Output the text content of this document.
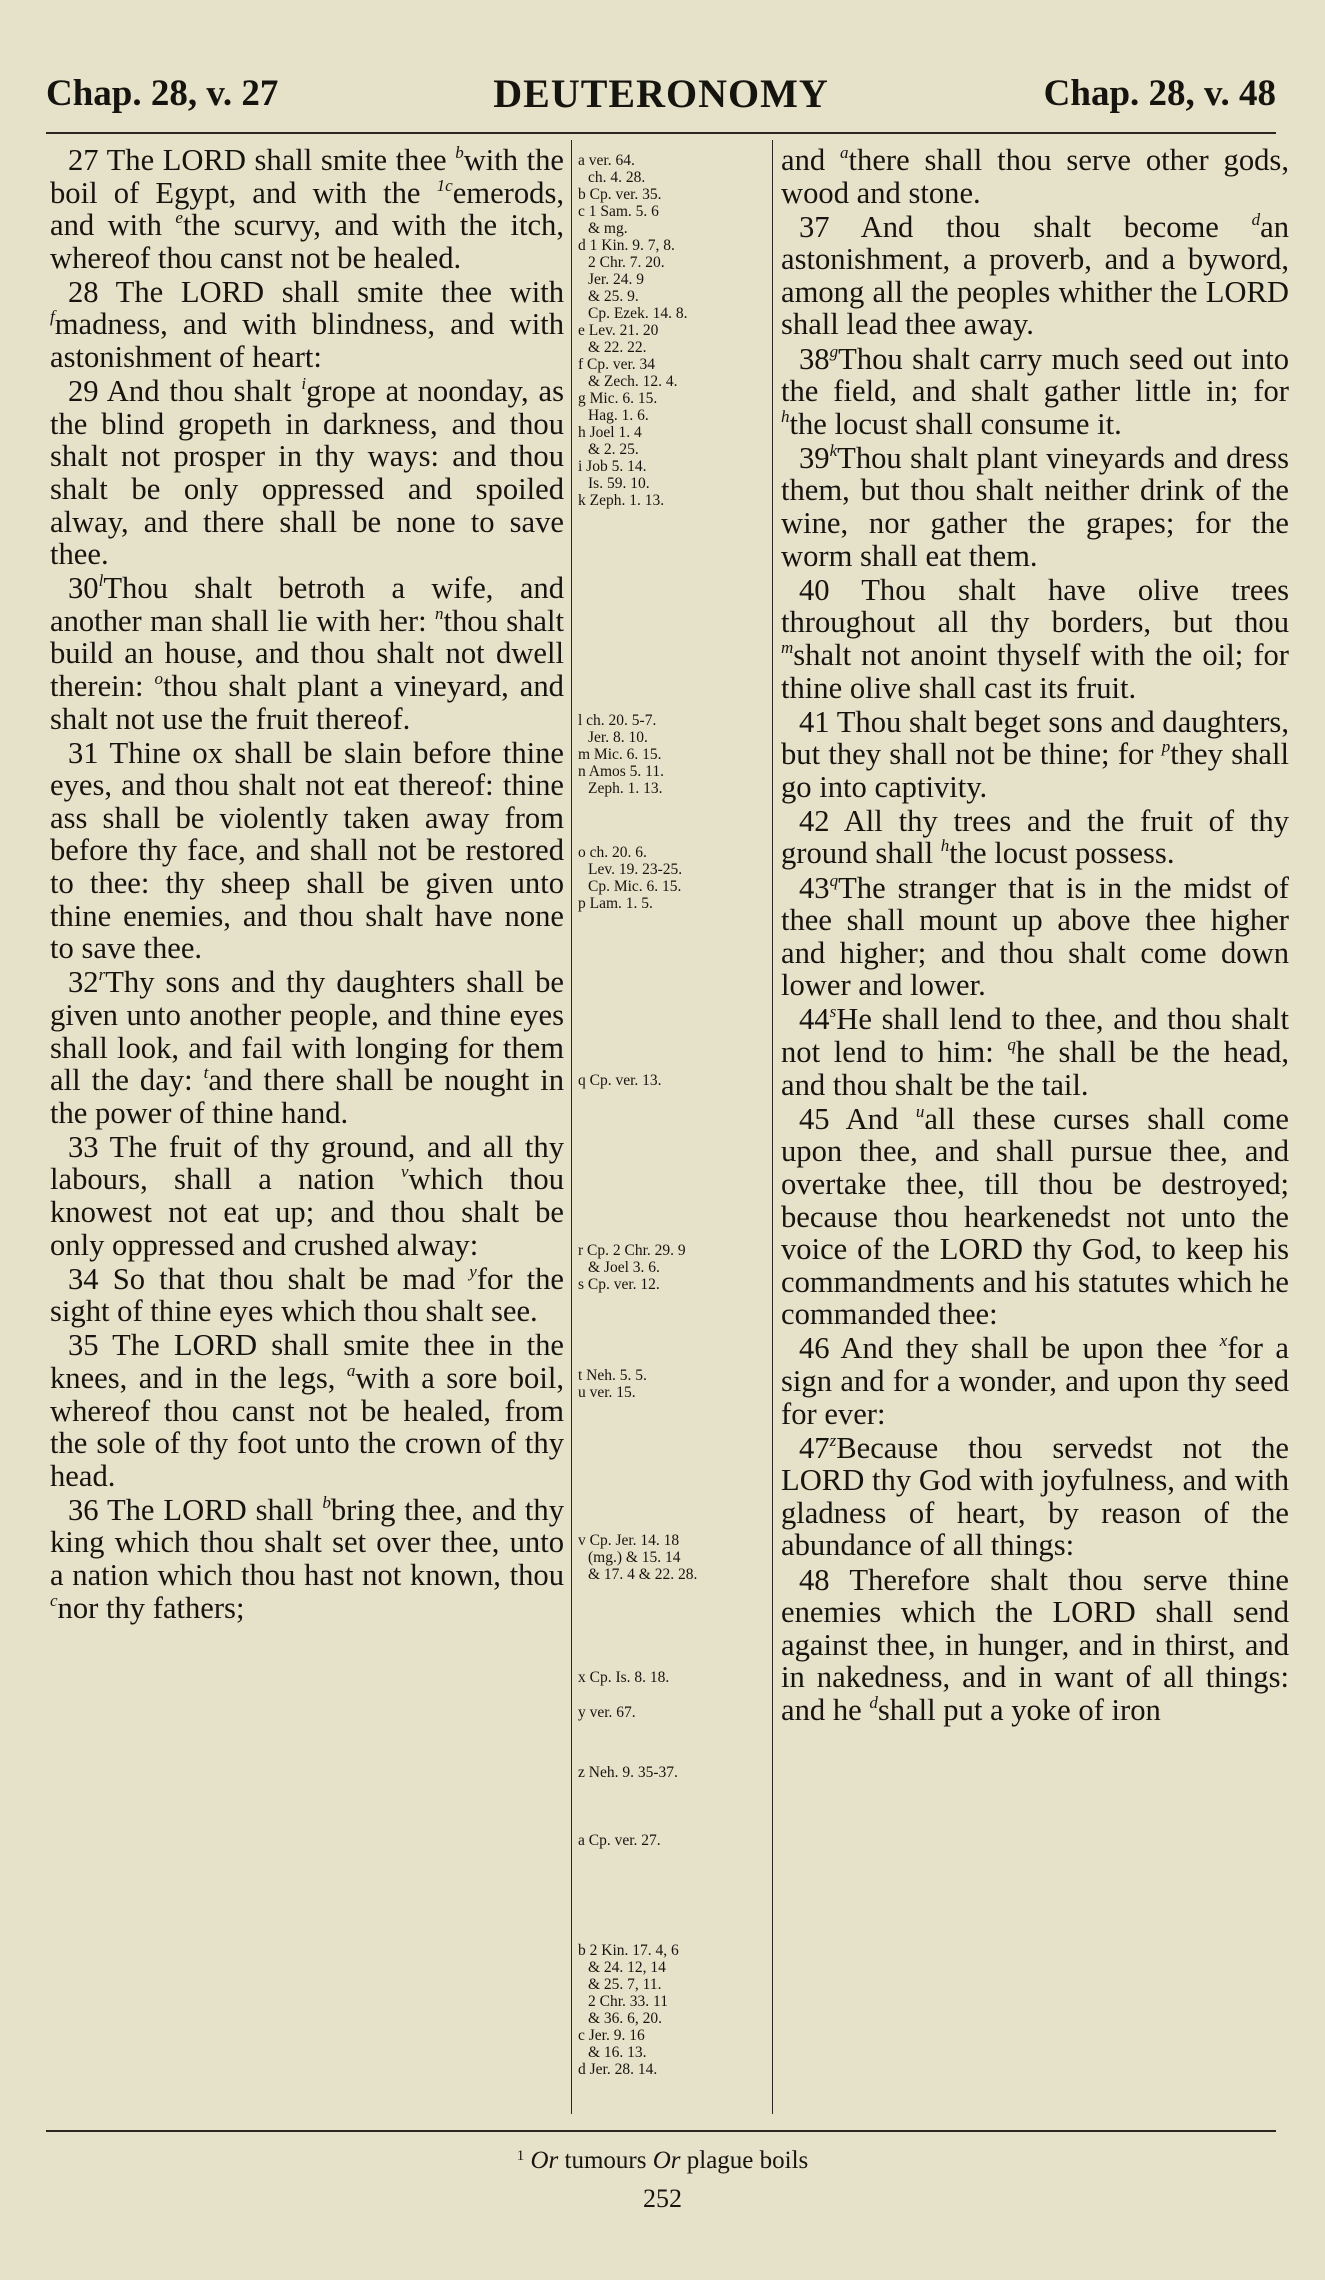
Chap. 28, v. 27	DEUTERONOMY	Chap. 28, v. 48

27 The LORD shall smite thee $^b$with the boil of Egypt, and with the $^{1c}$emerods, and with $^e$the scurvy, and with the itch, whereof thou canst not be healed.

28 The LORD shall smite thee with $^f$madness, and with blindness, and with astonishment of heart:

29 And thou shalt $^i$grope at noonday, as the blind gropeth in darkness, and thou shalt not prosper in thy ways: and thou shalt be only oppressed and spoiled alway, and there shall be none to save thee.

30$^l$Thou shalt betroth a wife, and another man shall lie with her: $^n$thou shalt build an house, and thou shalt not dwell therein: $^o$thou shalt plant a vineyard, and shalt not use the fruit thereof.

31 Thine ox shall be slain before thine eyes, and thou shalt not eat thereof: thine ass shall be violently taken away from before thy face, and shall not be restored to thee: thy sheep shall be given unto thine enemies, and thou shalt have none to save thee.

32$^r$Thy sons and thy daughters shall be given unto another people, and thine eyes shall look, and fail with longing for them all the day: $^t$and there shall be nought in the power of thine hand.

33 The fruit of thy ground, and all thy labours, shall a nation $^v$which thou knowest not eat up; and thou shalt be only oppressed and crushed alway:

34 So that thou shalt be mad $^y$for the sight of thine eyes which thou shalt see.

35 The LORD shall smite thee in the knees, and in the legs, $^a$with a sore boil, whereof thou canst not be healed, from the sole of thy foot unto the crown of thy head.

36 The LORD shall $^b$bring thee, and thy king which thou shalt set over thee, unto a nation which thou hast not known, thou $^c$nor thy fathers;

a ver. 64.
ch. 4. 28.
b Cp. ver. 35.
c 1 Sam. 5. 6
& mg.
d 1 Kin. 9. 7, 8.
2 Chr. 7. 20.
Jer. 24. 9
& 25. 9.
Cp. Ezek. 14. 8.
e Lev. 21. 20
& 22. 22.
f Cp. ver. 34
& Zech. 12. 4.
g Mic. 6. 15.
Hag. 1. 6.
h Joel 1. 4
& 2. 25.
i Job 5. 14.
Is. 59. 10.
k Zeph. 1. 13.
l ch. 20. 5-7.
Jer. 8. 10.
m Mic. 6. 15.
n Amos 5. 11.
Zeph. 1. 13.
o ch. 20. 6.
Lev. 19. 23-25.
Cp. Mic. 6. 15.
p Lam. 1. 5.
q Cp. ver. 13.
r Cp. 2 Chr. 29. 9
& Joel 3. 6.
s Cp. ver. 12.
t Neh. 5. 5.
u ver. 15.
v Cp. Jer. 14. 18
(mg.) & 15. 14
& 17. 4 & 22. 28.
x Cp. Is. 8. 18.
y ver. 67.
z Neh. 9. 35-37.
a Cp. ver. 27.
b 2 Kin. 17. 4, 6
& 24. 12, 14
& 25. 7, 11.
2 Chr. 33. 11
& 36. 6, 20.
c Jer. 9. 16
& 16. 13.
d Jer. 28. 14.

and $^a$there shall thou serve other gods, wood and stone.

37 And thou shalt become $^d$an astonishment, a proverb, and a byword, among all the peoples whither the LORD shall lead thee away.

38$^g$Thou shalt carry much seed out into the field, and shalt gather little in; for $^h$the locust shall consume it.

39$^k$Thou shalt plant vineyards and dress them, but thou shalt neither drink of the wine, nor gather the grapes; for the worm shall eat them.

40 Thou shalt have olive trees throughout all thy borders, but thou $^m$shalt not anoint thyself with the oil; for thine olive shall cast its fruit.

41 Thou shalt beget sons and daughters, but they shall not be thine; for $^p$they shall go into captivity.

42 All thy trees and the fruit of thy ground shall $^h$the locust possess.

43$^q$The stranger that is in the midst of thee shall mount up above thee higher and higher; and thou shalt come down lower and lower.

44$^s$He shall lend to thee, and thou shalt not lend to him: $^q$he shall be the head, and thou shalt be the tail.

45 And $^u$all these curses shall come upon thee, and shall pursue thee, and overtake thee, till thou be destroyed; because thou hearkenedst not unto the voice of the LORD thy God, to keep his commandments and his statutes which he commanded thee:

46 And they shall be upon thee $^x$for a sign and for a wonder, and upon thy seed for ever:

47$^z$Because thou servedst not the LORD thy God with joyfulness, and with gladness of heart, by reason of the abundance of all things:

48 Therefore shalt thou serve thine enemies which the LORD shall send against thee, in hunger, and in thirst, and in nakedness, and in want of all things: and he $^d$shall put a yoke of iron

$^1$ Or tumours Or plague boils
252
